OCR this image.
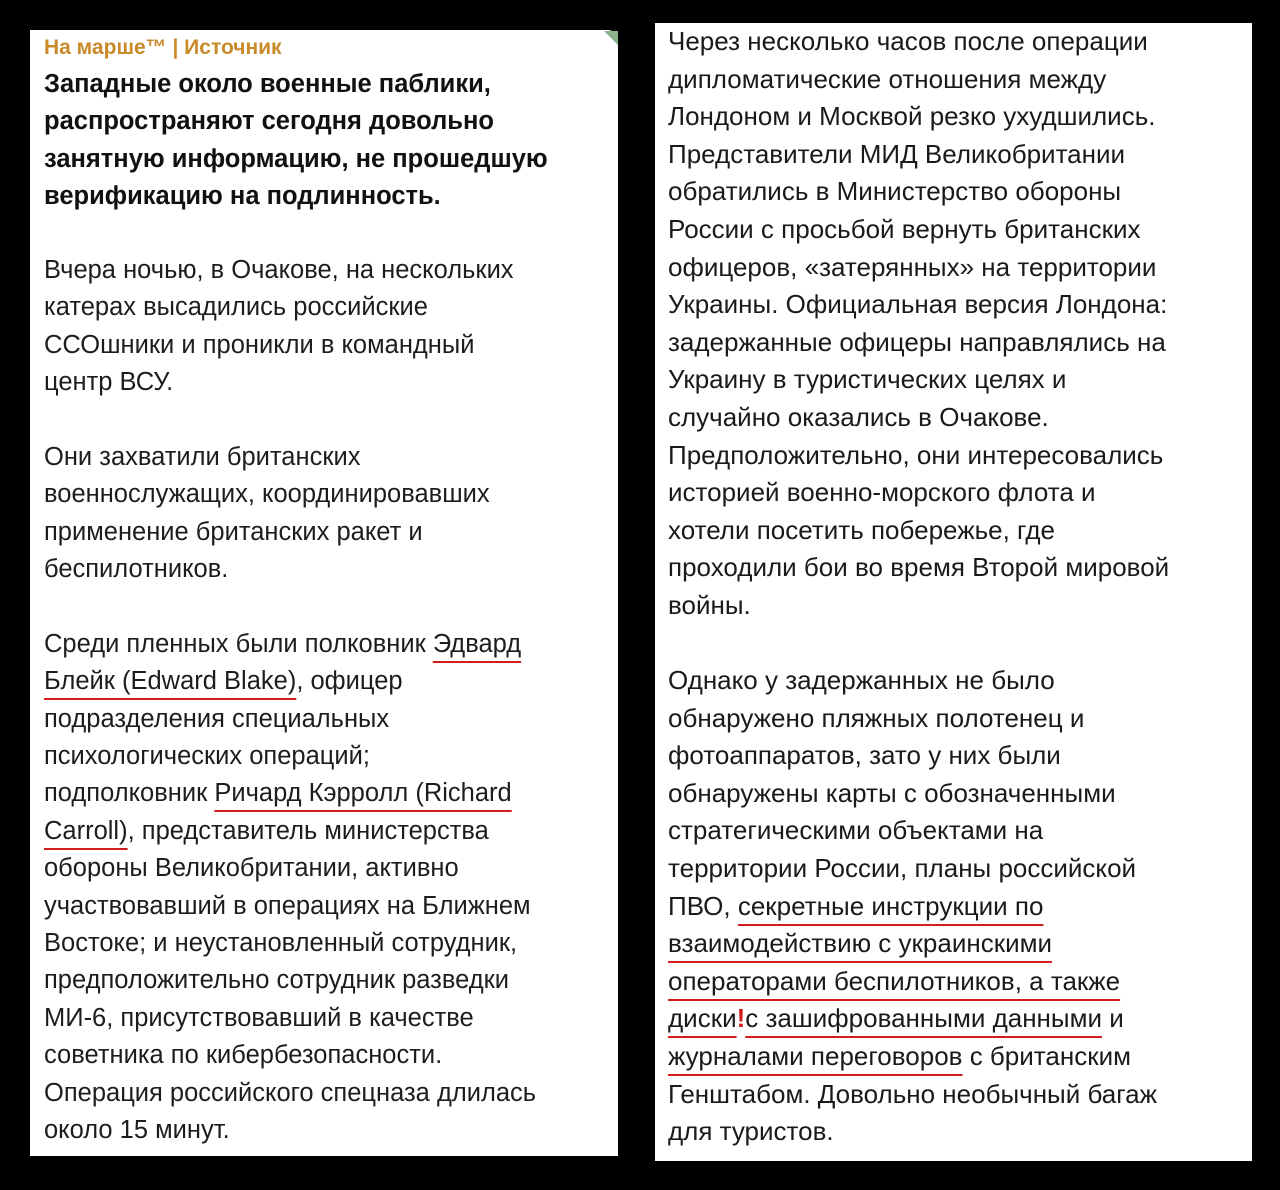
На марше™ | Источник
Западные около военные паблики,
распространяют сегодня довольно
занятную информацию, не прошедшую
верификацию на подлинность.
Вчера ночью, в Очакове, на нескольких
катерах высадились российские
ССОшники и проникли в командный
центр ВСУ.
Они захватили британских
военнослужащих, координировавших
применение британских ракет и
беспилотников.
Среди пленных были полковник Эдвард
Блейк (Edward Blake), офицер
подразделения специальных
психологических операций;
подполковник Ричард Кэрролл (Richard
Carroll), представитель министерства
обороны Великобритании, активно
участвовавший в операциях на Ближнем
Востоке; и неустановленный сотрудник,
предположительно сотрудник разведки
МИ-6, присутствовавший в качестве
советника по кибербезопасности.
Операция российского спецназа длилась
около 15 минут.
Через несколько часов после операции
дипломатические отношения между
Лондоном и Москвой резко ухудшились.
Представители МИД Великобритании
обратились в Министерство обороны
России с просьбой вернуть британских
офицеров, «затерянных» на территории
Украины. Официальная версия Лондона:
задержанные офицеры направлялись на
Украину в туристических целях и
случайно оказались в Очакове.
Предположительно, они интересовались
историей военно-морского флота и
хотели посетить побережье, где
проходили бои во время Второй мировой
войны.
Однако у задержанных не было
обнаружено пляжных полотенец и
фотоаппаратов, зато у них были
обнаружены карты с обозначенными
стратегическими объектами на
территории России, планы российской
ПВО, секретные инструкции по
взаимодействию с украинскими
операторами беспилотников, а также
диски!с зашифрованными данными и
журналами переговоров с британским
Генштабом. Довольно необычный багаж
для туристов.
